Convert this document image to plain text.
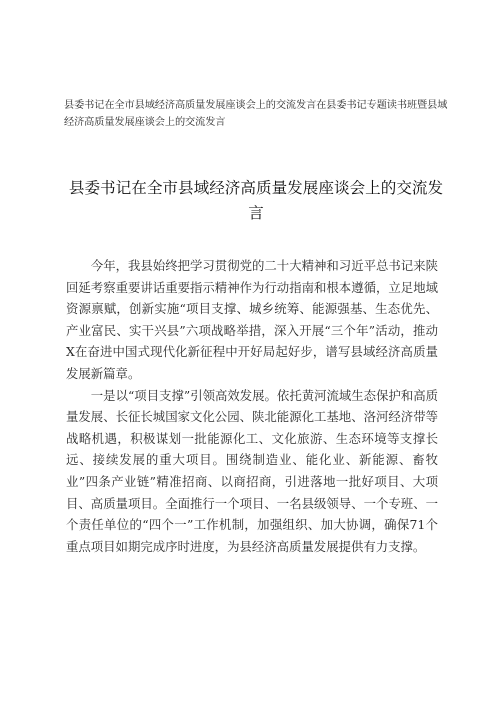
县委书记在全市县域经济高质量发展座谈会上的交流发言在县委书记专题读书班暨县域经济高质量发展座谈会上的交流发言
县委书记在全市县域经济高质量发展座谈会上的交流发言

今年，我县始终把学习贯彻党的二十大精神和习近平总书记来陕回延考察重要讲话重要指示精神作为行动指南和根本遵循，立足地域资源禀赋，创新实施“项目支撑、城乡统筹、能源强基、生态优先、产业富民、实干兴县”六项战略举措，深入开展“三个年”活动，推动X在奋进中国式现代化新征程中开好局起好步，谱写县域经济高质量发展新篇章。

一是以“项目支撑”引领高效发展。依托黄河流域生态保护和高质量发展、长征长城国家文化公园、陕北能源化工基地、洛河经济带等战略机遇，积极谋划一批能源化工、文化旅游、生态环境等支撑长远、接续发展的重大项目。围绕制造业、能化业、新能源、畜牧业”四条产业链”精准招商、以商招商，引进落地一批好项目、大项目、高质量项目。全面推行一个项目、一名县级领导、一个专班、一个责任单位的“四个一”工作机制，加强组织、加大协调，确保71个重点项目如期完成序时进度，为县经济高质量发展提供有力支撑。
